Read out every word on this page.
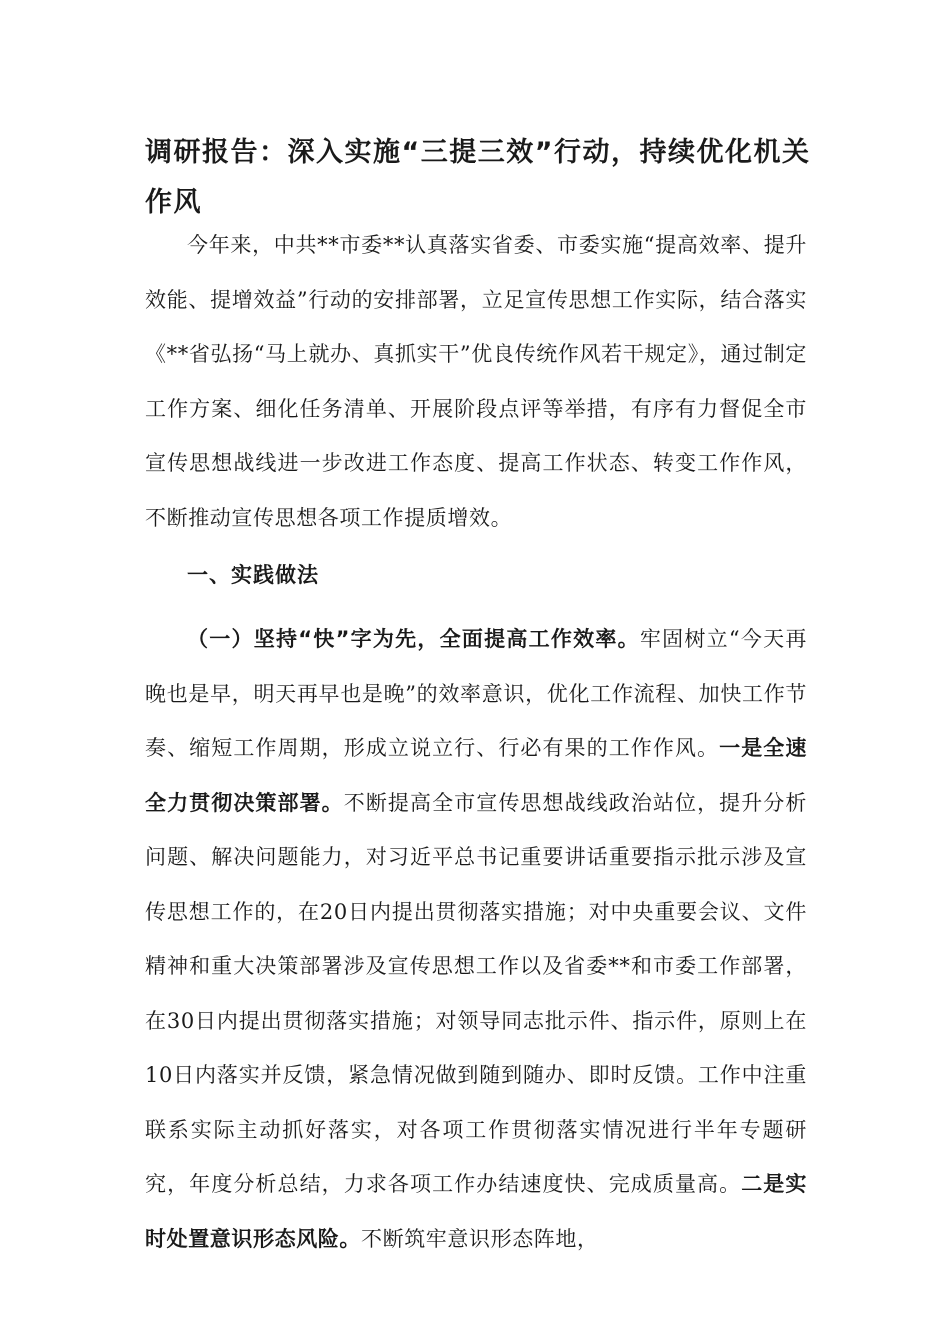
调研报告：深入实施“三提三效”行动，持续优化机关作风

今年来，中共**市委**认真落实省委、市委实施“提高效率、提升效能、提增效益”行动的安排部署，立足宣传思想工作实际，结合落实《**省弘扬“马上就办、真抓实干”优良传统作风若干规定》，通过制定工作方案、细化任务清单、开展阶段点评等举措，有序有力督促全市宣传思想战线进一步改进工作态度、提高工作状态、转变工作作风，不断推动宣传思想各项工作提质增效。

一、实践做法

（一）坚持“快”字为先，全面提高工作效率。牢固树立“今天再晚也是早，明天再早也是晚”的效率意识，优化工作流程、加快工作节奏、缩短工作周期，形成立说立行、行必有果的工作作风。一是全速全力贯彻决策部署。不断提高全市宣传思想战线政治站位，提升分析问题、解决问题能力，对习近平总书记重要讲话重要指示批示涉及宣传思想工作的，在20日内提出贯彻落实措施；对中央重要会议、文件精神和重大决策部署涉及宣传思想工作以及省委**和市委工作部署，在30日内提出贯彻落实措施；对领导同志批示件、指示件，原则上在10日内落实并反馈，紧急情况做到随到随办、即时反馈。工作中注重联系实际主动抓好落实，对各项工作贯彻落实情况进行半年专题研究，年度分析总结，力求各项工作办结速度快、完成质量高。二是实时处置意识形态风险。不断筑牢意识形态阵地，
